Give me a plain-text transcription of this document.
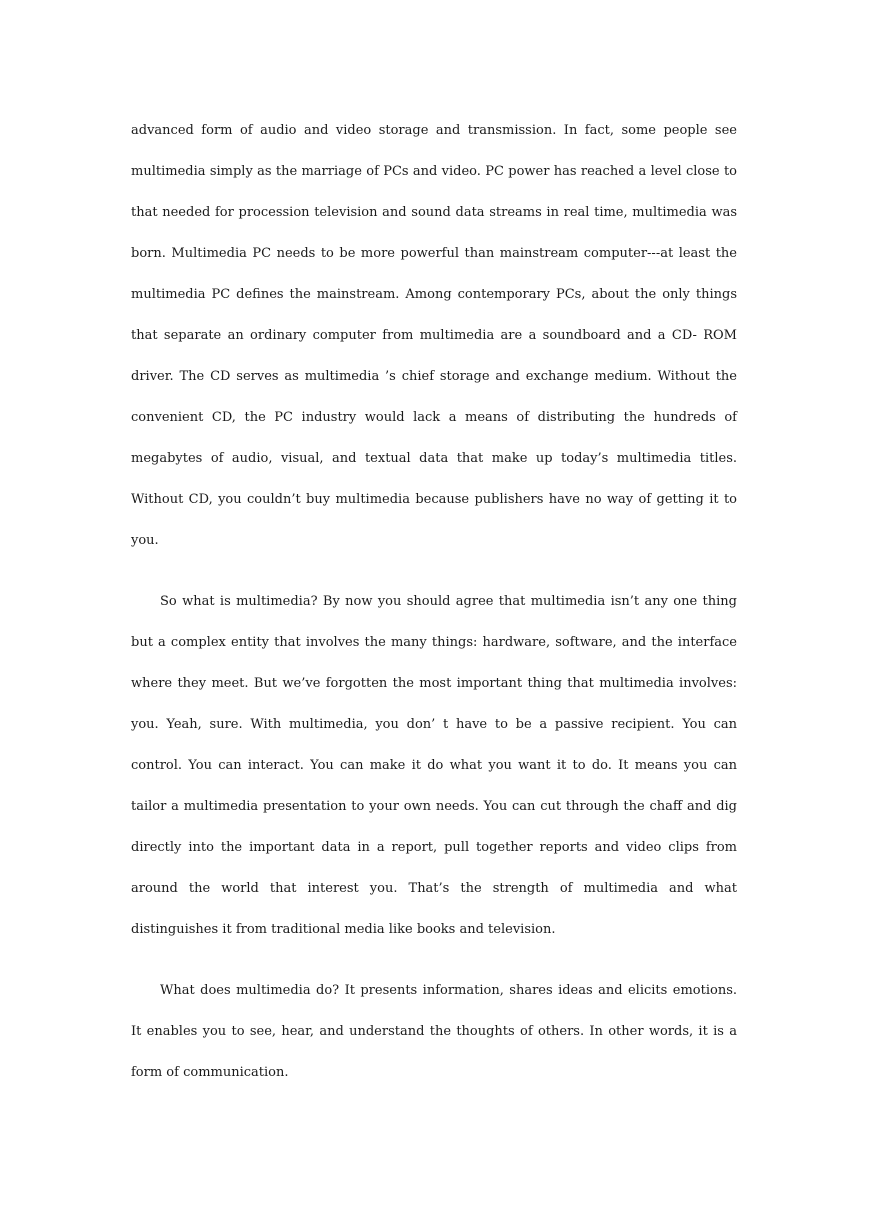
advanced form of audio and video storage and transmission. In fact, some people see multimedia simply as the marriage of PCs and video. PC power has reached a level close to that needed for procession television and sound data streams in real time, multimedia was born. Multimedia PC needs to be more powerful than mainstream computer---at least the multimedia PC defines the mainstream. Among contemporary PCs, about the only things that separate an ordinary computer from multimedia are a soundboard and a CD- ROM driver. The CD serves as multimedia ’s chief storage and exchange medium. Without the convenient CD, the PC industry would lack a means of distributing the hundreds of megabytes of audio, visual, and textual data that make up today’s multimedia titles. Without CD, you couldn’t buy multimedia because publishers have no way of getting it to you.

So what is multimedia? By now you should agree that multimedia isn’t any one thing but a complex entity that involves the many things: hardware, software, and the interface where they meet. But we’ve forgotten the most important thing that multimedia involves: you. Yeah, sure. With multimedia, you don’ t have to be a passive recipient. You can control. You can interact. You can make it do what you want it to do. It means you can tailor a multimedia presentation to your own needs. You can cut through the chaff and dig directly into the important data in a report, pull together reports and video clips from around the world that interest you. That’s the strength of multimedia and what distinguishes it from traditional media like books and television.

What does multimedia do? It presents information, shares ideas and elicits emotions. It enables you to see, hear, and understand the thoughts of others. In other words, it is a form of communication.
